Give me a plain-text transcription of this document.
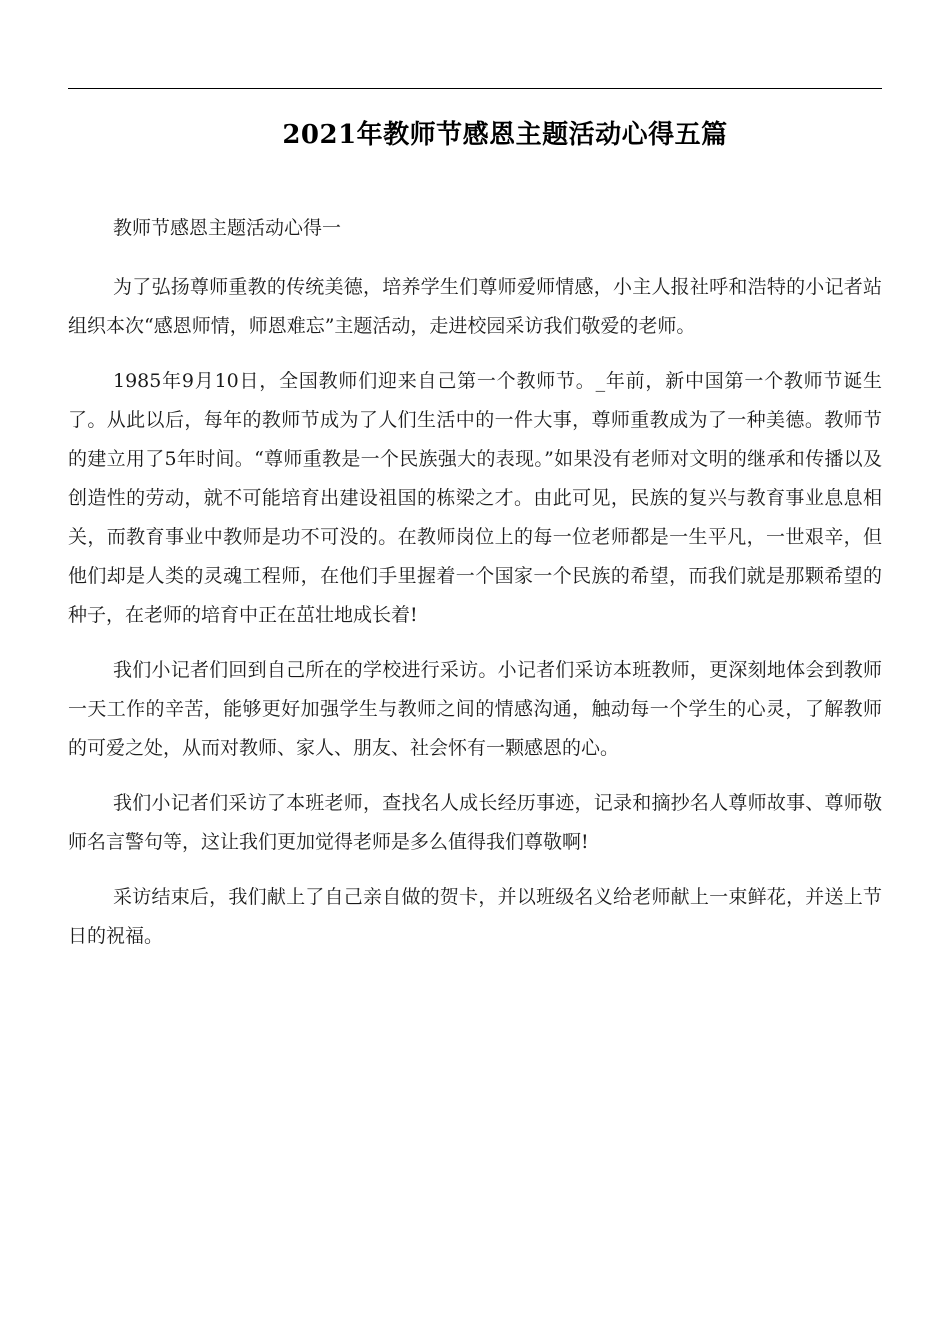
2021年教师节感恩主题活动心得五篇

教师节感恩主题活动心得一

为了弘扬尊师重教的传统美德，培养学生们尊师爱师情感，小主人报社呼和浩特的小记者站组织本次“感恩师情，师恩难忘”主题活动，走进校园采访我们敬爱的老师。

1985年9月10日，全国教师们迎来自己第一个教师节。_年前，新中国第一个教师节诞生了。从此以后，每年的教师节成为了人们生活中的一件大事，尊师重教成为了一种美德。教师节的建立用了5年时间。“尊师重教是一个民族强大的表现。”如果没有老师对文明的继承和传播以及创造性的劳动，就不可能培育出建设祖国的栋梁之才。由此可见，民族的复兴与教育事业息息相关，而教育事业中教师是功不可没的。在教师岗位上的每一位老师都是一生平凡，一世艰辛，但他们却是人类的灵魂工程师，在他们手里握着一个国家一个民族的希望，而我们就是那颗希望的种子，在老师的培育中正在茁壮地成长着!

我们小记者们回到自己所在的学校进行采访。小记者们采访本班教师，更深刻地体会到教师一天工作的辛苦，能够更好加强学生与教师之间的情感沟通，触动每一个学生的心灵，了解教师的可爱之处，从而对教师、家人、朋友、社会怀有一颗感恩的心。

我们小记者们采访了本班老师，查找名人成长经历事迹，记录和摘抄名人尊师故事、尊师敬师名言警句等，这让我们更加觉得老师是多么值得我们尊敬啊!

采访结束后，我们献上了自己亲自做的贺卡，并以班级名义给老师献上一束鲜花，并送上节日的祝福。
